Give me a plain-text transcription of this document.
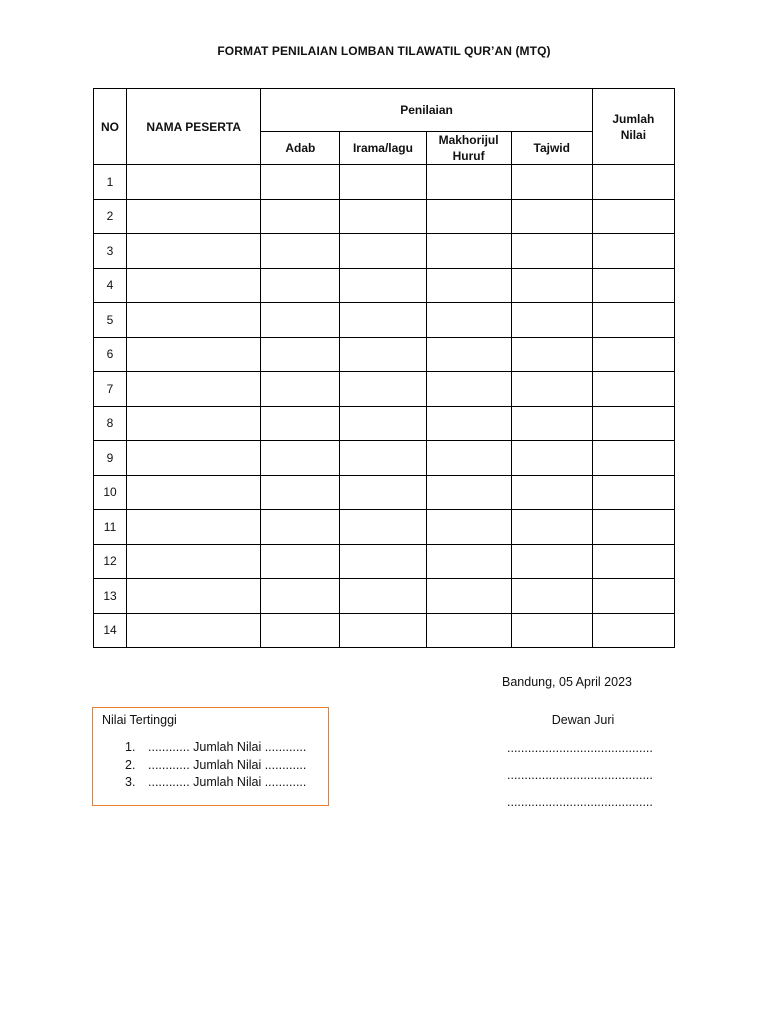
FORMAT PENILAIAN LOMBAN TILAWATIL QUR’AN (MTQ)
NO	NAMA PESERTA	Penilaian				Jumlah Nilai
		Adab	Irama/lagu	Makhorijul Huruf	Tajwid	
1						
2						
3						
4						
5						
6						
7						
8						
9						
10						
11						
12						
13						
14						
Bandung, 05 April 2023
Nilai Tertinggi
1. ............ Jumlah Nilai ............
2. ............ Jumlah Nilai ............
3. ............ Jumlah Nilai ............
Dewan Juri
..........................................
..........................................
..........................................
